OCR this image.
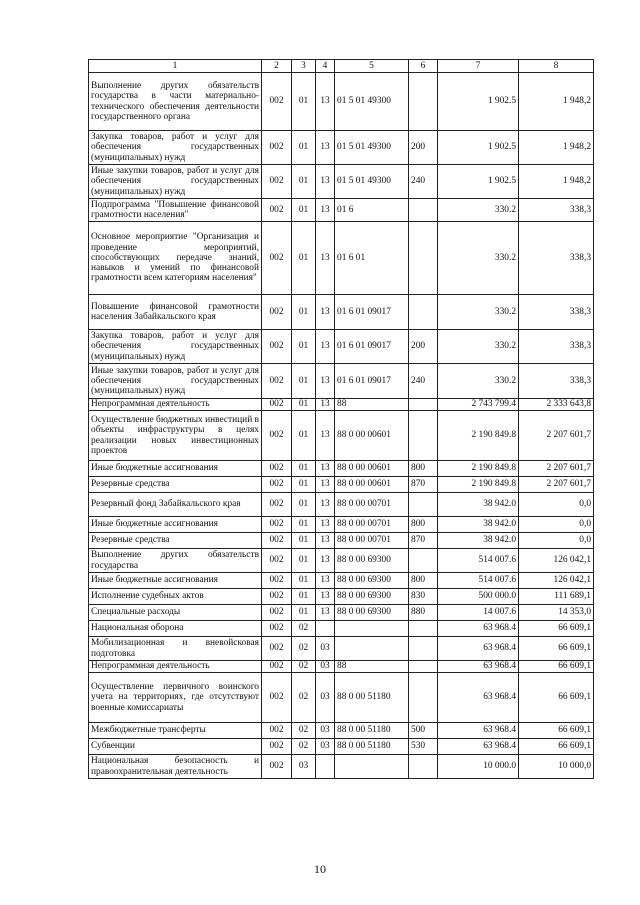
1	2	3	4	5	6	7	8
Выполнение других обязательств государства в части материально-технического обеспечения деятельности государственного органа	002	01	13	01 5 01 49300		1 902.5	1 948,2
Закупка товаров, работ и услуг для обеспечения государственных (муниципальных) нужд	002	01	13	01 5 01 49300	200	1 902.5	1 948,2
Иные закупки товаров, работ и услуг для обеспечения государственных (муниципальных) нужд	002	01	13	01 5 01 49300	240	1 902.5	1 948,2
Подпрограмма "Повышение финансовой грамотности населения"	002	01	13	01 6		330.2	338,3
Основное мероприятие "Организация и проведение мероприятий, способствующих передаче знаний, навыков и умений по финансовой грамотности всем категориям населения"	002	01	13	01 6 01		330.2	338,3
Повышение финансовой грамотности населения Забайкальского края	002	01	13	01 6 01 09017		330.2	338,3
Закупка товаров, работ и услуг для обеспечения государственных (муниципальных) нужд	002	01	13	01 6 01 09017	200	330.2	338,3
Иные закупки товаров, работ и услуг для обеспечения государственных (муниципальных) нужд	002	01	13	01 6 01 09017	240	330.2	338,3
Непрограммная деятельность	002	01	13	88		2 743 799.4	2 333 643,8
Осуществление бюджетных инвестиций в объекты инфраструктуры в целях реализации новых инвестиционных проектов	002	01	13	88 0 00 00601		2 190 849.8	2 207 601,7
Иные бюджетные ассигнования	002	01	13	88 0 00 00601	800	2 190 849.8	2 207 601,7
Резервные средства	002	01	13	88 0 00 00601	870	2 190 849.8	2 207 601,7
Резервный фонд Забайкальского края	002	01	13	88 0 00 00701		38 942.0	0,0
Иные бюджетные ассигнования	002	01	13	88 0 00 00701	800	38 942.0	0,0
Резервные средства	002	01	13	88 0 00 00701	870	38 942.0	0,0
Выполнение других обязательств государства	002	01	13	88 0 00 69300		514 007.6	126 042,1
Иные бюджетные ассигнования	002	01	13	88 0 00 69300	800	514 007.6	126 042,1
Исполнение судебных актов	002	01	13	88 0 00 69300	830	500 000.0	111 689,1
Специальные расходы	002	01	13	88 0 00 69300	880	14 007.6	14 353,0
Национальная оборона	002	02				63 968.4	66 609,1
Мобилизационная и вневойсковая подготовка	002	02	03			63 968.4	66 609,1
Непрограммная деятельность	002	02	03	88		63 968.4	66 609,1
Осуществление первичного воинского учета на территориях, где отсутствуют военные комиссариаты	002	02	03	88 0 00 51180		63 968.4	66 609,1
Межбюджетные трансферты	002	02	03	88 0 00 51180	500	63 968.4	66 609,1
Субвенции	002	02	03	88 0 00 51180	530	63 968.4	66 609,1
Национальная безопасность и правоохранительная деятельность	002	03				10 000.0	10 000,0
10
